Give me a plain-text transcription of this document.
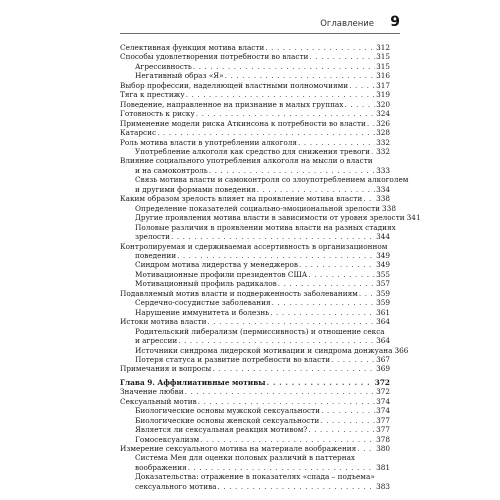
Оглавление 9
Селективная функция мотива власти . . .	312
Способы удовлетворения потребности во власти . . .	315
Агрессивность . . .	315
Негативный образ «Я» . . .	316
Выбор профессии, наделяющей властными полномочиями . . .	317
Тяга к престижу . . .	319
Поведение, направленное на признание в малых группах . . .	320
Готовность к риску . . .	324
Применение модели риска Аткинсона к потребности во власти . . . 326
Катарсис . . .	328
Роль мотива власти в употреблении алкоголя . . .	332
Употребление алкоголя как средство для снижения тревоги . . . 332
Влияние социального употребления алкоголя на мысли о власти
и на самоконтроль . . .	333
Связь мотива власти и самоконтроля со злоупотреблением алкоголем
и другими формами поведения . . .	334
Каким образом зрелость влияет на проявление мотива власти . . . 338
Определение показателей социально-эмоциональной зрелости 338
Другие проявления мотива власти в зависимости от уровня зрелости 341
Половые различия в проявлении мотива власти на разных стадиях
зрелости . . .	344
Контролируемая и сдерживаемая ассертивность в организационном
поведении . . .	349
Синдром мотива лидерства у менеджеров . . .	349
Мотивационные профили президентов США . . .	355
Мотивационный профиль радикалов . . .	357
Подавляемый мотив власти и подверженность заболеваниям . . . 359
Сердечно-сосудистые заболевания . . .	359
Нарушение иммунитета и болезнь . . .	361
Истоки мотива власти . . .	364
Родительский либерализм (пермиссивность) и отношение секса
и агрессии . . .	364
Источники синдрома лидерской мотивации и синдрома донжуана 366
Потеря статуса и развитие потребности во власти . . .	367
Примечания и вопросы . . .	369
Глава 9. Аффилиативные мотивы . . .	372
Значение любви . . .	372
Сексуальный мотив . . .	374
Биологические основы мужской сексуальности . . .	374
Биологические основы женской сексуальности . . .	377
Является ли сексуальная реакция мотивом? . . .	377
Гомосексуализм . . .	378
Измерение сексуального мотива на материале воображения . . .	380
Система Мея для оценки половых различий в паттернах
воображения . . .	381
Доказательства: отражение в показателях «спада – подъема»
сексуального мотива . . .	383
